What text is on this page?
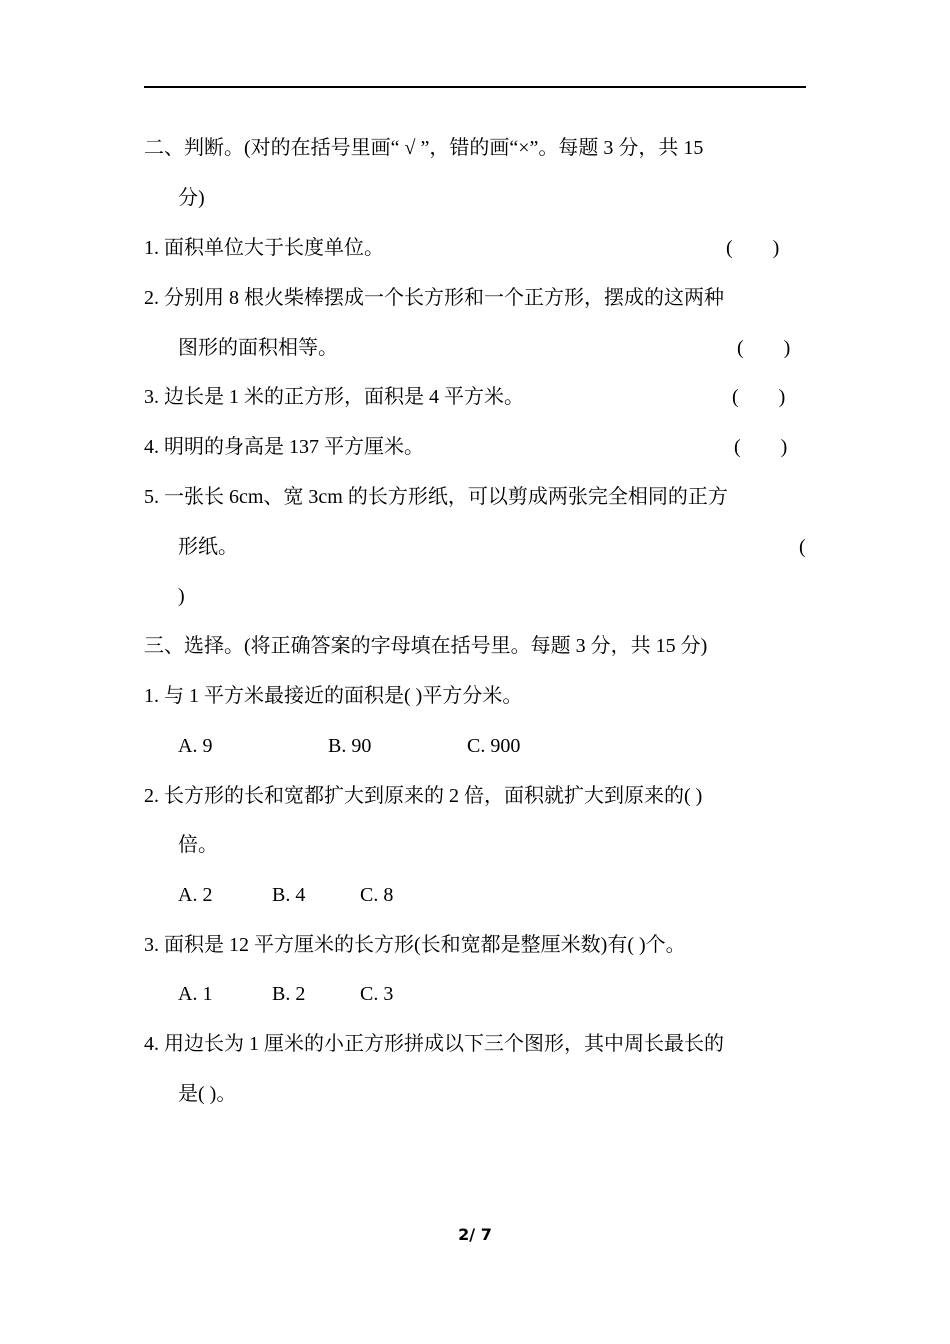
二、判断。(对的在括号里画“ √ ”，错的画“×”。每题 3 分，共 15
分)
1. 面积单位大于长度单位。	(        )
2. 分别用 8 根火柴棒摆成一个长方形和一个正方形，摆成的这两种
图形的面积相等。	(        )
3. 边长是 1 米的正方形，面积是 4 平方米。	(        )
4. 明明的身高是 137 平方厘米。	(        )
5. 一张长 6cm、宽 3cm 的长方形纸，可以剪成两张完全相同的正方
形纸。	(
)
三、选择。(将正确答案的字母填在括号里。每题 3 分，共 15 分)
1. 与 1 平方米最接近的面积是( )平方分米。
A. 9	B. 90	C. 900
2. 长方形的长和宽都扩大到原来的 2 倍，面积就扩大到原来的( )
倍。
A. 2	B. 4	C. 8
3. 面积是 12 平方厘米的长方形(长和宽都是整厘米数)有( )个。
A. 1	B. 2	C. 3
4. 用边长为 1 厘米的小正方形拼成以下三个图形，其中周长最长的
是( )。
2/ 7
